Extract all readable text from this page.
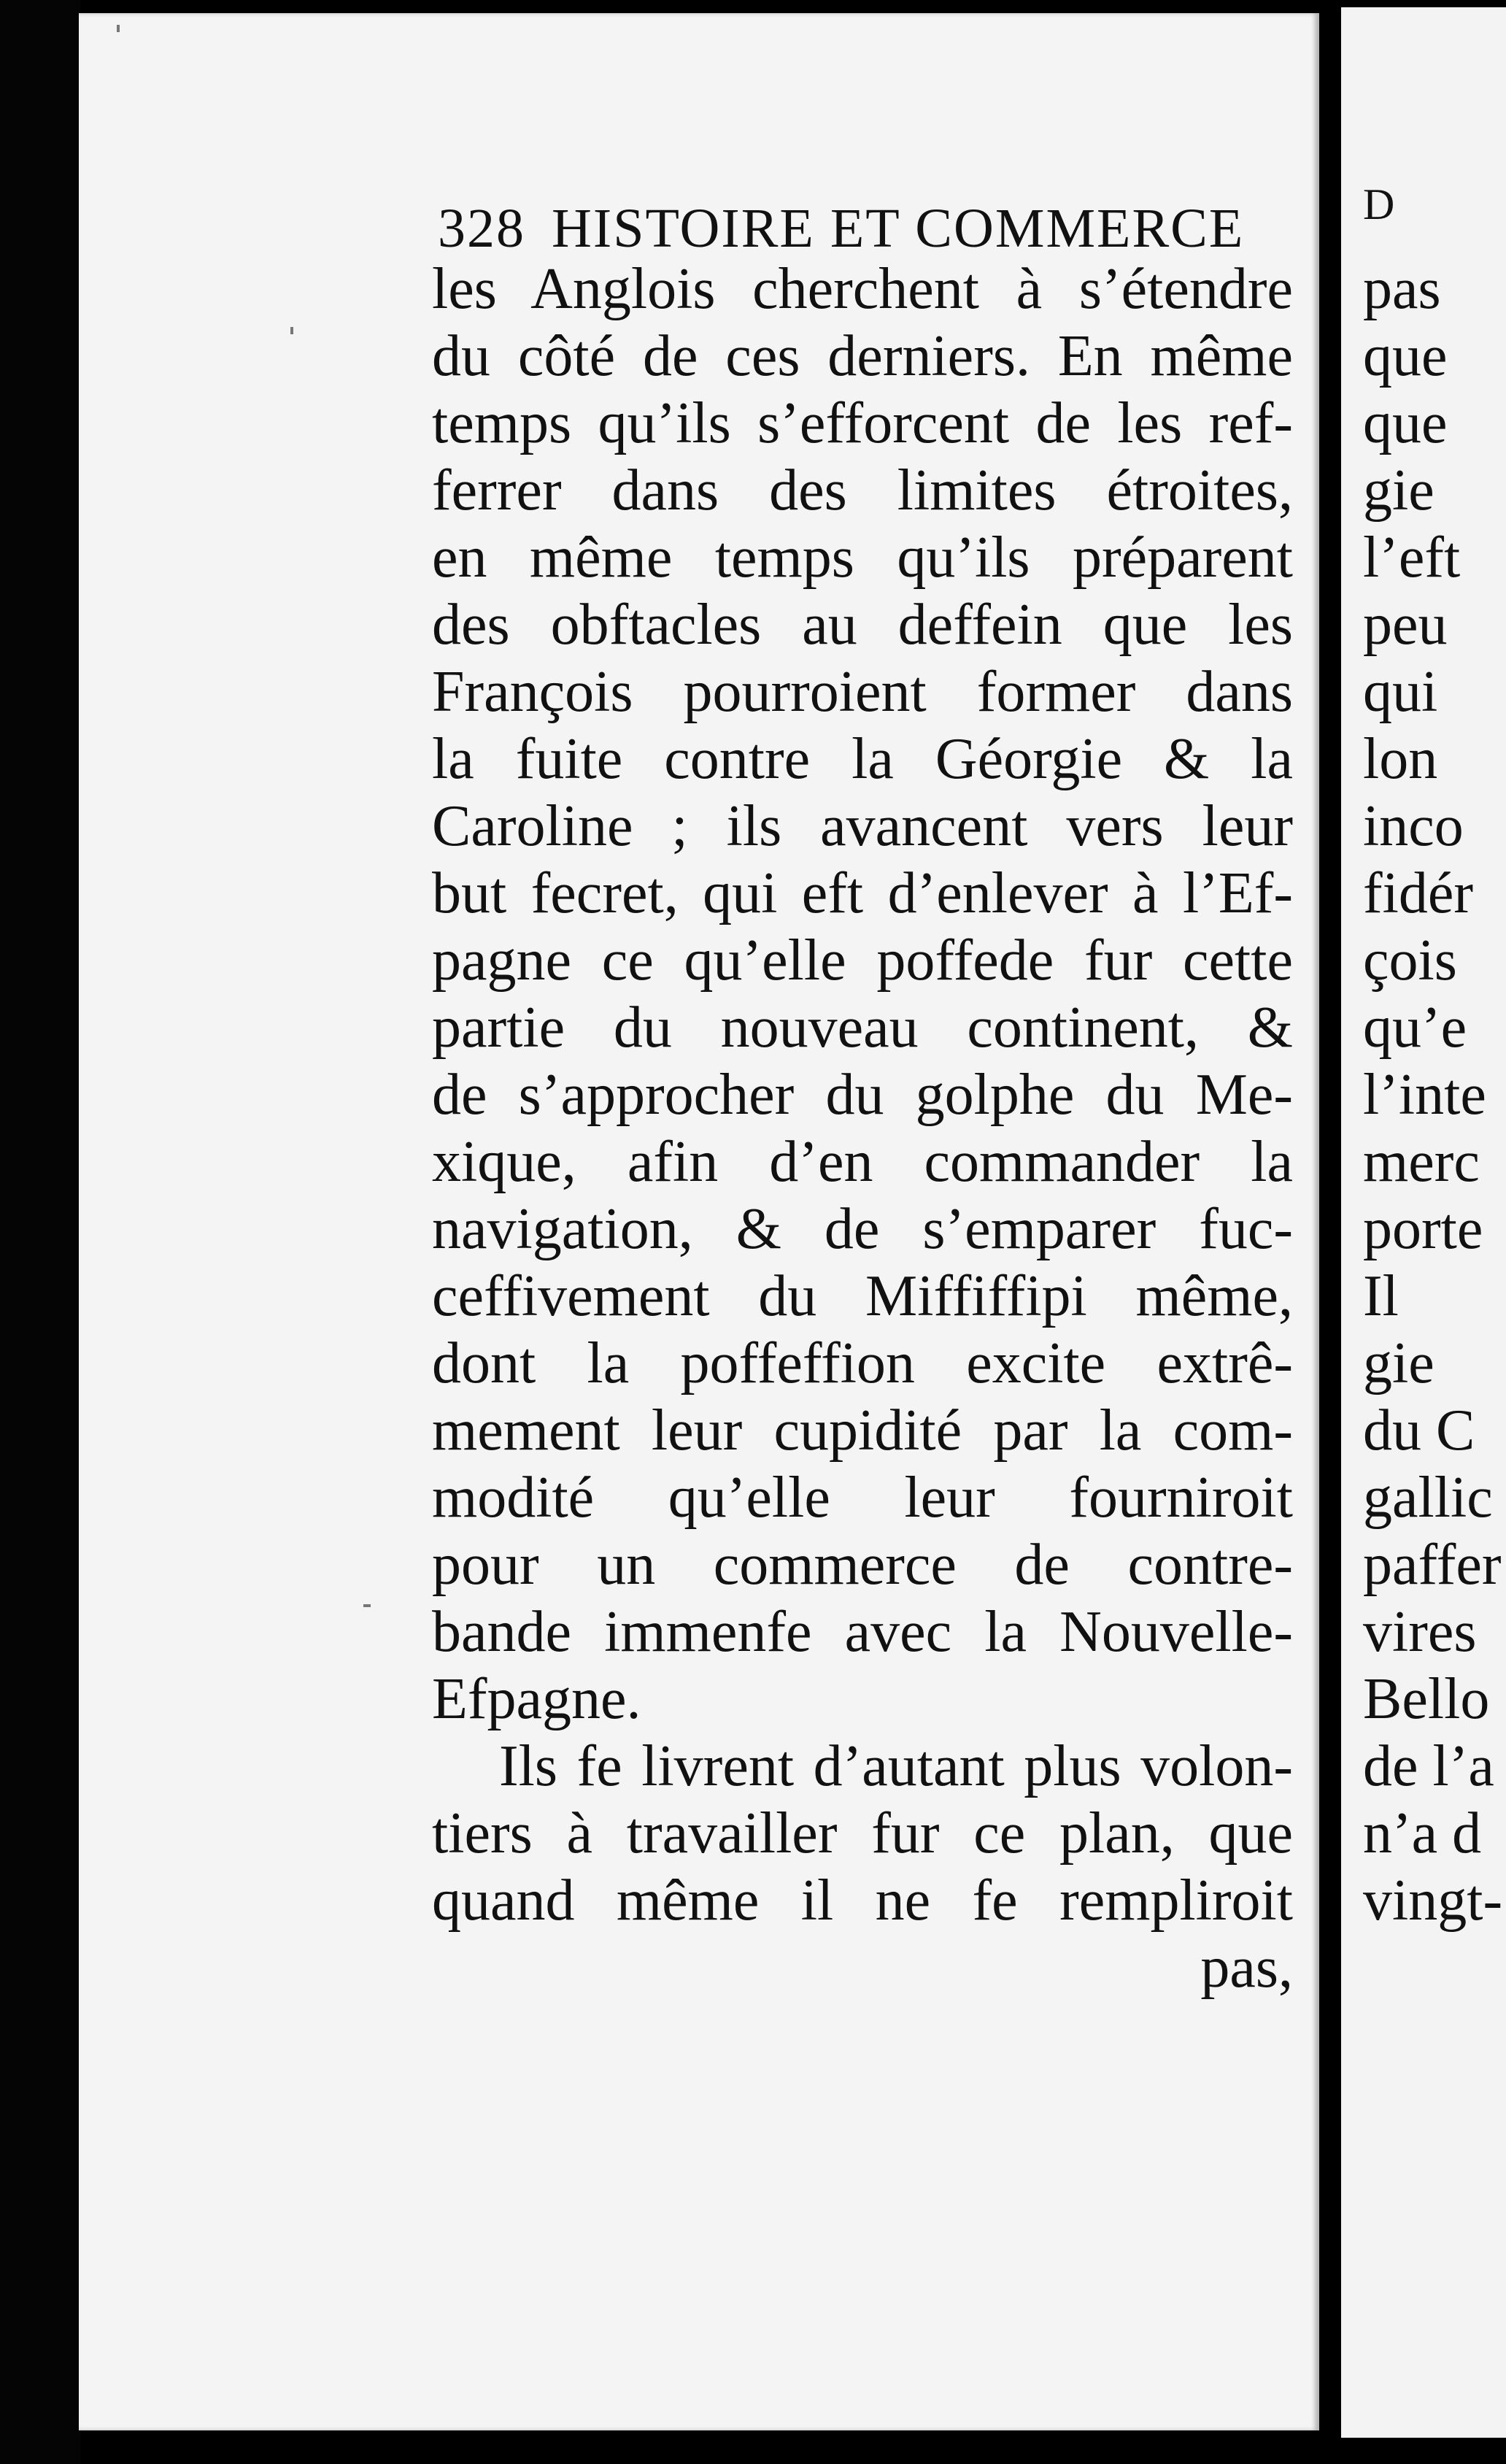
D
pas
que
que
gie
l’eft
peu
qui
lon
inco
fidér
çois
qu’e
l’inte
merc
porte
Il
gie
du C
gallic
paffer
vires
Bello
de l’a
n’a d
vingt-
328 HISTOIRE ET COMMERCE
les Anglois cherchent à s’étendre
du côté de ces derniers. En même
temps qu’ils s’efforcent de les ref-
ferrer dans des limites étroites,
en même temps qu’ils préparent
des obftacles au deffein que les
François pourroient former dans
la fuite contre la Géorgie & la
Caroline ; ils avancent vers leur
but fecret, qui eft d’enlever à l’Ef-
pagne ce qu’elle poffede fur cette
partie du nouveau continent, &
de s’approcher du golphe du Me-
xique, afin d’en commander la
navigation, & de s’emparer fuc-
ceffivement du Miffiffipi même,
dont la poffeffion excite extrê-
mement leur cupidité par la com-
modité qu’elle leur fourniroit
pour un commerce de contre-
bande immenfe avec la Nouvelle-
Efpagne.
Ils fe livrent d’autant plus volon-
tiers à travailler fur ce plan, que
quand même il ne fe rempliroit
pas,
